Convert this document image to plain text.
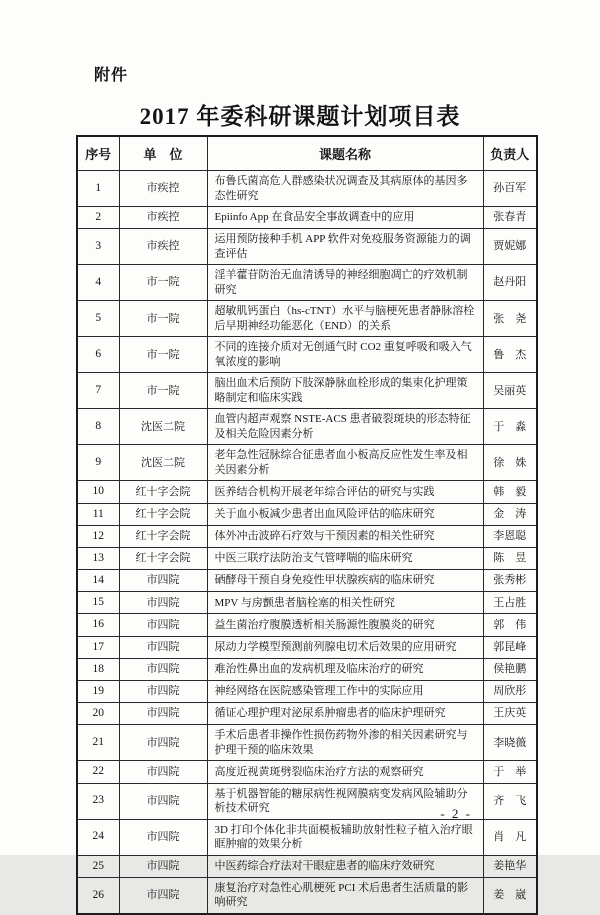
附件
2017 年委科研课题计划项目表
序号	单　位	课题名称	负责人
1	市疾控	布鲁氏菌高危人群感染状况调查及其病原体的基因多态性研究	孙百军
2	市疾控	Epiinfo App 在食品安全事故调查中的应用	张春青
3	市疾控	运用预防接种手机 APP 软件对免疫服务资源能力的调查评估	贾妮娜
4	市一院	淫羊藿苷防治无血清诱导的神经细胞凋亡的疗效机制研究	赵丹阳
5	市一院	超敏肌钙蛋白（hs-cTNT）水平与脑梗死患者静脉溶栓后早期神经功能恶化（END）的关系	张　尧
6	市一院	不同的连接介质对无创通气时 CO2 重复呼吸和吸入气氧浓度的影响	鲁　杰
7	市一院	脑出血术后预防下肢深静脉血栓形成的集束化护理策略制定和临床实践	吴丽英
8	沈医二院	血管内超声观察 NSTE-ACS 患者破裂斑块的形态特征及相关危险因素分析	于　淼
9	沈医二院	老年急性冠脉综合征患者血小板高反应性发生率及相关因素分析	徐　姝
10	红十字会院	医养结合机构开展老年综合评估的研究与实践	韩　毅
11	红十字会院	关于血小板减少患者出血风险评估的临床研究	金　涛
12	红十字会院	体外冲击波碎石疗效与干预因素的相关性研究	李恩聪
13	红十字会院	中医三联疗法防治支气管哮喘的临床研究	陈　昱
14	市四院	硒酵母干预自身免疫性甲状腺疾病的临床研究	张秀彬
15	市四院	MPV 与房颤患者脑栓塞的相关性研究	王占胜
16	市四院	益生菌治疗腹膜透析相关肠源性腹膜炎的研究	郭　伟
17	市四院	尿动力学模型预测前列腺电切术后效果的应用研究	郭昆峰
18	市四院	难治性鼻出血的发病机理及临床治疗的研究	侯艳鹏
19	市四院	神经网络在医院感染管理工作中的实际应用	周欣彤
20	市四院	循证心理护理对泌尿系肿瘤患者的临床护理研究	王庆英
21	市四院	手术后患者非操作性损伤药物外渗的相关因素研究与护理干预的临床效果	李晓薇
22	市四院	高度近视黄斑劈裂临床治疗方法的观察研究	于　举
23	市四院	基于机器智能的糖尿病性视网膜病变发病风险辅助分析技术研究	齐　飞
24	市四院	3D 打印个体化非共面模板辅助放射性粒子植入治疗眼眶肿瘤的效果分析	肖　凡
25	市四院	中医药综合疗法对干眼症患者的临床疗效研究	姜艳华
26	市四院	康复治疗对急性心肌梗死 PCI 术后患者生活质量的影响研究	姜　崴
- 2 -
